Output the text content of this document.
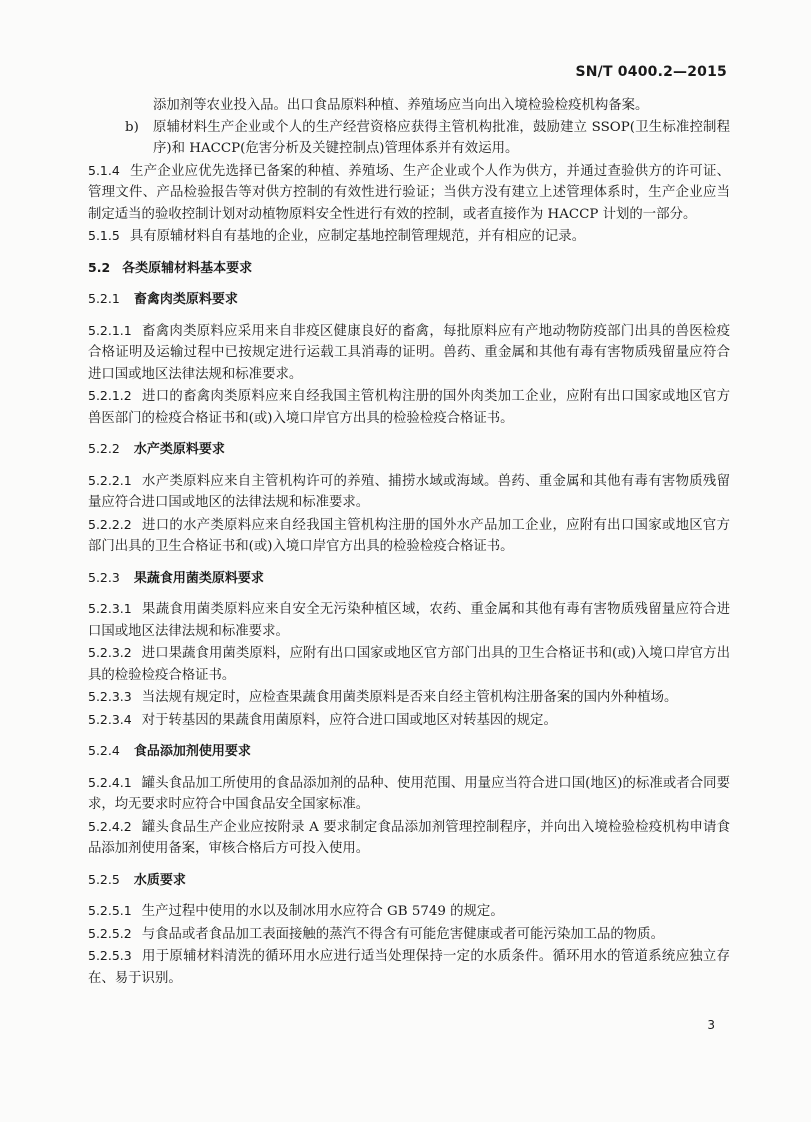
SN/T 0400.2—2015

添加剂等农业投入品。出口食品原料种植、养殖场应当向出入境检验检疫机构备案。

b) 原辅材料生产企业或个人的生产经营资格应获得主管机构批准，鼓励建立 SSOP(卫生标准控制程序)和 HACCP(危害分析及关键控制点)管理体系并有效运用。

5.1.4 生产企业应优先选择已备案的种植、养殖场、生产企业或个人作为供方，并通过查验供方的许可证、管理文件、产品检验报告等对供方控制的有效性进行验证；当供方没有建立上述管理体系时，生产企业应当制定适当的验收控制计划对动植物原料安全性进行有效的控制，或者直接作为 HACCP 计划的一部分。

5.1.5 具有原辅材料自有基地的企业，应制定基地控制管理规范，并有相应的记录。

5.2 各类原辅材料基本要求

5.2.1 畜禽肉类原料要求

5.2.1.1 畜禽肉类原料应采用来自非疫区健康良好的畜禽，每批原料应有产地动物防疫部门出具的兽医检疫合格证明及运输过程中已按规定进行运载工具消毒的证明。兽药、重金属和其他有毒有害物质残留量应符合进口国或地区法律法规和标准要求。

5.2.1.2 进口的畜禽肉类原料应来自经我国主管机构注册的国外肉类加工企业，应附有出口国家或地区官方兽医部门的检疫合格证书和(或)入境口岸官方出具的检验检疫合格证书。

5.2.2 水产类原料要求

5.2.2.1 水产类原料应来自主管机构许可的养殖、捕捞水域或海域。兽药、重金属和其他有毒有害物质残留量应符合进口国或地区的法律法规和标准要求。

5.2.2.2 进口的水产类原料应来自经我国主管机构注册的国外水产品加工企业，应附有出口国家或地区官方部门出具的卫生合格证书和(或)入境口岸官方出具的检验检疫合格证书。

5.2.3 果蔬食用菌类原料要求

5.2.3.1 果蔬食用菌类原料应来自安全无污染种植区域，农药、重金属和其他有毒有害物质残留量应符合进口国或地区法律法规和标准要求。

5.2.3.2 进口果蔬食用菌类原料，应附有出口国家或地区官方部门出具的卫生合格证书和(或)入境口岸官方出具的检验检疫合格证书。

5.2.3.3 当法规有规定时，应检查果蔬食用菌类原料是否来自经主管机构注册备案的国内外种植场。

5.2.3.4 对于转基因的果蔬食用菌原料，应符合进口国或地区对转基因的规定。

5.2.4 食品添加剂使用要求

5.2.4.1 罐头食品加工所使用的食品添加剂的品种、使用范围、用量应当符合进口国(地区)的标准或者合同要求，均无要求时应符合中国食品安全国家标准。

5.2.4.2 罐头食品生产企业应按附录 A 要求制定食品添加剂管理控制程序，并向出入境检验检疫机构申请食品添加剂使用备案，审核合格后方可投入使用。

5.2.5 水质要求

5.2.5.1 生产过程中使用的水以及制冰用水应符合 GB 5749 的规定。

5.2.5.2 与食品或者食品加工表面接触的蒸汽不得含有可能危害健康或者可能污染加工品的物质。

5.2.5.3 用于原辅材料清洗的循环用水应进行适当处理保持一定的水质条件。循环用水的管道系统应独立存在、易于识别。

3
